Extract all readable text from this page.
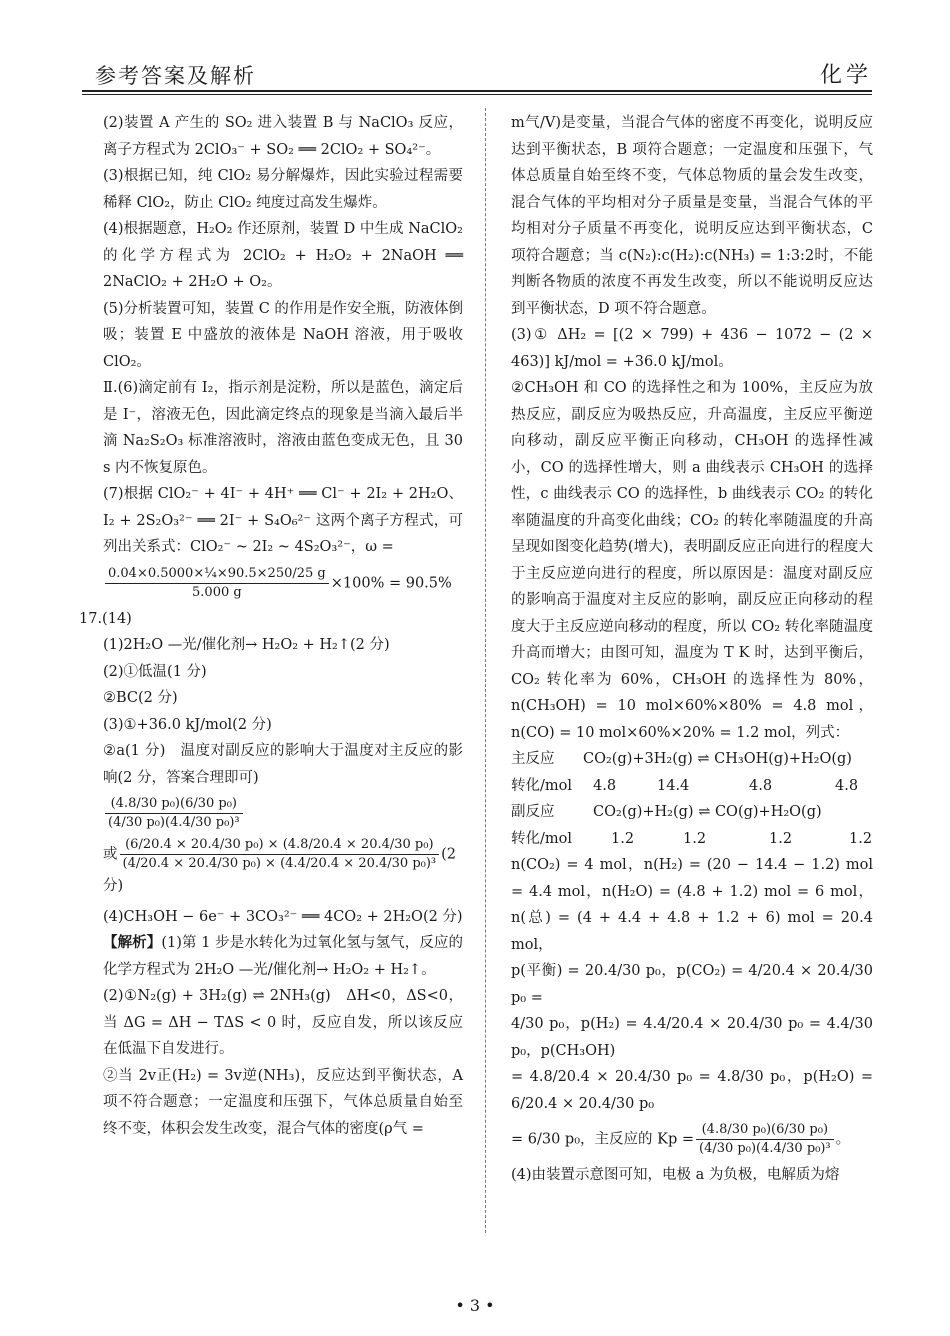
参考答案及解析	化学

(2)装置 A 产生的 SO₂ 进入装置 B 与 NaClO₃ 反应，离子方程式为 2ClO₃⁻ + SO₂ ══ 2ClO₂ + SO₄²⁻。

(3)根据已知，纯 ClO₂ 易分解爆炸，因此实验过程需要稀释 ClO₂，防止 ClO₂ 纯度过高发生爆炸。

(4)根据题意，H₂O₂ 作还原剂，装置 D 中生成 NaClO₂ 的化学方程式为 2ClO₂ + H₂O₂ + 2NaOH ══ 2NaClO₂ + 2H₂O + O₂。

(5)分析装置可知，装置 C 的作用是作安全瓶，防液体倒吸；装置 E 中盛放的液体是 NaOH 溶液，用于吸收 ClO₂。

Ⅱ.(6)滴定前有 I₂，指示剂是淀粉，所以是蓝色，滴定后是 I⁻，溶液无色，因此滴定终点的现象是当滴入最后半滴 Na₂S₂O₃ 标准溶液时，溶液由蓝色变成无色，且 30 s 内不恢复原色。

(7)根据 ClO₂⁻ + 4I⁻ + 4H⁺ ══ Cl⁻ + 2I₂ + 2H₂O、I₂ + 2S₂O₃²⁻ ══ 2I⁻ + S₄O₆²⁻ 这两个离子方程式，可列出关系式：ClO₂⁻ ~ 2I₂ ~ 4S₂O₃²⁻，ω =

$\frac{\text{0.04×0.5000×¼×90.5×250/25 g}}{5.000 g} \times 100\% = 90.5\%$

17.(14)

(1)2H₂O —光/催化剂→ H₂O₂ + H₂↑(2 分)

(2)①低温(1 分)

②BC(2 分)

(3)①+36.0 kJ/mol(2 分)

②a(1 分)　温度对副反应的影响大于温度对主反应的影响(2 分，答案合理即可)

$\frac{\text{(4.8/30 p₀)(6/30 p₀)}}{\text{(4/30 p₀)(4.4/30 p₀)³}}$
或 $\frac{\text{(6/20.4 × 20.4/30 p₀) × (4.8/20.4 × 20.4/30 p₀)}}{\text{(4/20.4 × 20.4/30 p₀) × (4.4/20.4 × 20.4/30 p₀)³}} (2$ 分)

(4)CH₃OH − 6e⁻ + 3CO₃²⁻ ══ 4CO₂ + 2H₂O(2 分)

【解析】(1)第 1 步是水转化为过氧化氢与氢气，反应的化学方程式为 2H₂O —光/催化剂→ H₂O₂ + H₂↑。

(2)①N₂(g) + 3H₂(g) ⇌ 2NH₃(g)　ΔH<0，ΔS<0，当 ΔG = ΔH − TΔS < 0 时，反应自发，所以该反应在低温下自发进行。

②当 2v正(H₂) = 3v逆(NH₃)，反应达到平衡状态，A 项不符合题意；一定温度和压强下，气体总质量自始至终不变，体积会发生改变，混合气体的密度(ρ气 =

m气/V)是变量，当混合气体的密度不再变化，说明反应达到平衡状态，B 项符合题意；一定温度和压强下，气体总质量自始至终不变，气体总物质的量会发生改变，混合气体的平均相对分子质量是变量，当混合气体的平均相对分子质量不再变化，说明反应达到平衡状态，C 项符合题意；当 c(N₂):c(H₂):c(NH₃) = 1:3:2时，不能判断各物质的浓度不再发生改变，所以不能说明反应达到平衡状态，D 项不符合题意。

(3)① ΔH₂ = [(2 × 799) + 436 − 1072 − (2 × 463)] kJ/mol = +36.0 kJ/mol。

②CH₃OH 和 CO 的选择性之和为 100%，主反应为放热反应，副反应为吸热反应，升高温度，主反应平衡逆向移动，副反应平衡正向移动，CH₃OH 的选择性减小，CO 的选择性增大，则 a 曲线表示 CH₃OH 的选择性，c 曲线表示 CO 的选择性，b 曲线表示 CO₂ 的转化率随温度的升高变化曲线；CO₂ 的转化率随温度的升高呈现如图变化趋势(增大)，表明副反应正向进行的程度大于主反应逆向进行的程度，所以原因是：温度对副反应的影响高于温度对主反应的影响，副反应正向移动的程度大于主反应逆向移动的程度，所以 CO₂ 转化率随温度升高而增大；由图可知，温度为 T K 时，达到平衡后，CO₂ 转化率为 60%，CH₃OH 的选择性为 80%，n(CH₃OH) = 10 mol×60%×80% = 4.8 mol，n(CO) = 10 mol×60%×20% = 1.2 mol，列式：

主反应	CO₂(g)+3H₂(g) ⇌ CH₃OH(g)+H₂O(g)
转化/mol	4.8	14.4	4.8	4.8
副反应	CO₂(g)+H₂(g) ⇌ CO(g)+H₂O(g)
转化/mol	1.2	1.2	1.2	1.2

n(CO₂) = 4 mol，n(H₂) = (20 − 14.4 − 1.2) mol = 4.4 mol，n(H₂O) = (4.8 + 1.2) mol = 6 mol，n(总) = (4 + 4.4 + 4.8 + 1.2 + 6) mol = 20.4 mol，

p(平衡) = 20.4/30 p₀，p(CO₂) = 4/20.4 × 20.4/30 p₀ =

4/30 p₀，p(H₂) = 4.4/20.4 × 20.4/30 p₀ = 4.4/30 p₀，p(CH₃OH)

= 4.8/20.4 × 20.4/30 p₀ = 4.8/30 p₀，p(H₂O) = 6/20.4 × 20.4/30 p₀

= 6/30 p₀，主反应的 $Kp = \frac{\text{(4.8/30 p₀)(6/30 p₀)}}{\text{(4/30 p₀)(4.4/30 p₀)³}}$ 。

(4)由装置示意图可知，电极 a 为负极，电解质为熔

• 3 •
